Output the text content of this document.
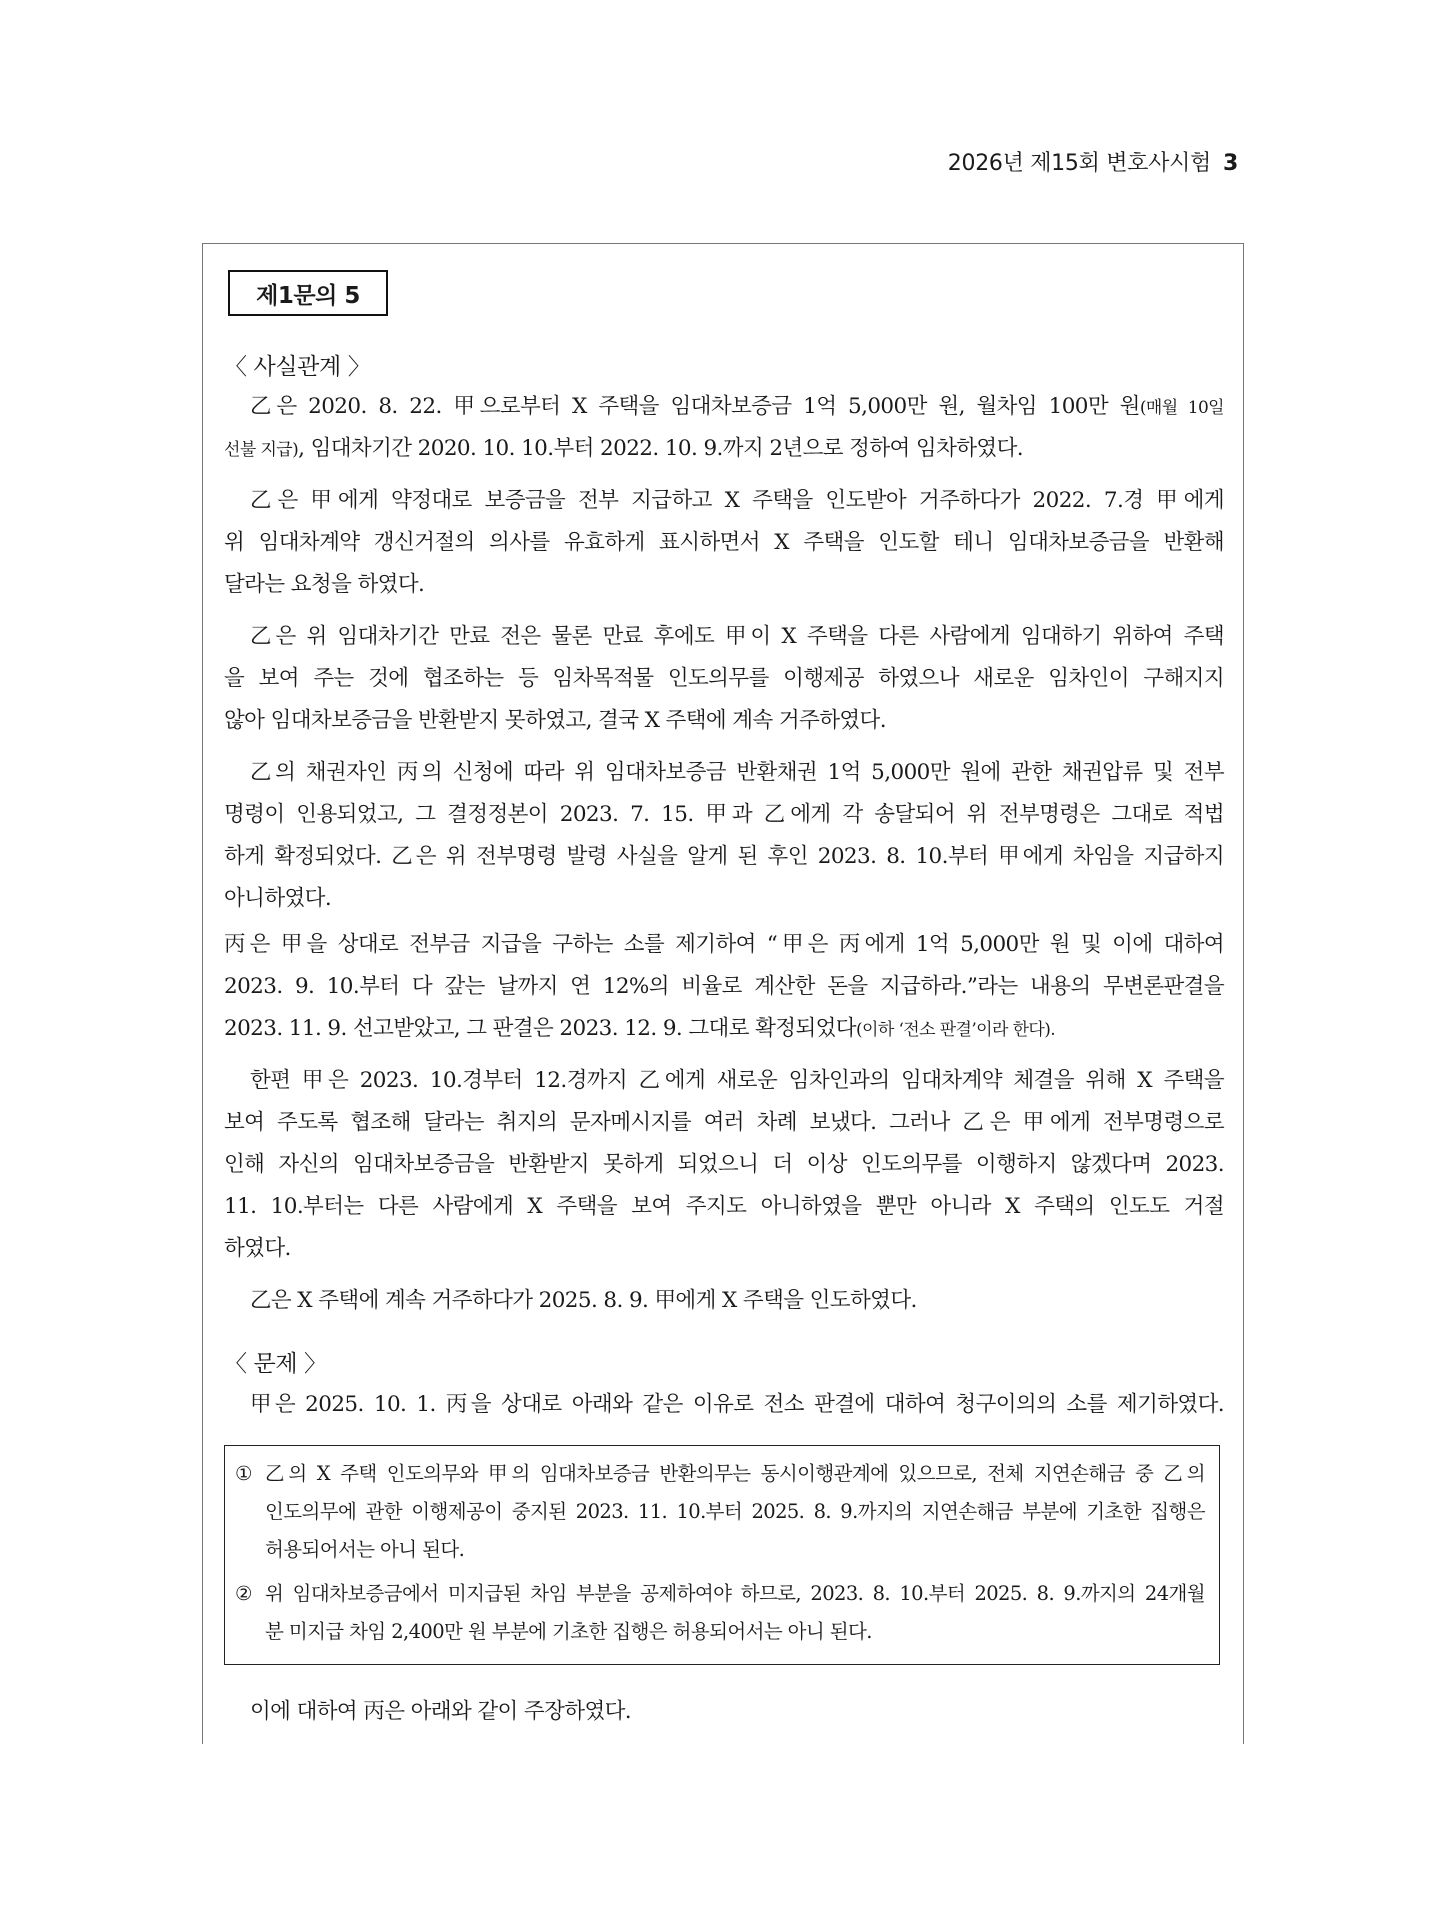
2026년 제15회 변호사시험 3
제1문의 5
〈 사실관계 〉
乙은 2020. 8. 22. 甲으로부터 X 주택을 임대차보증금 1억 5,000만 원, 월차임 100만 원(매월 10일
선불 지급), 임대차기간 2020. 10. 10.부터 2022. 10. 9.까지 2년으로 정하여 임차하였다.
乙은 甲에게 약정대로 보증금을 전부 지급하고 X 주택을 인도받아 거주하다가 2022. 7.경 甲에게
위 임대차계약 갱신거절의 의사를 유효하게 표시하면서 X 주택을 인도할 테니 임대차보증금을 반환해
달라는 요청을 하였다.
乙은 위 임대차기간 만료 전은 물론 만료 후에도 甲이 X 주택을 다른 사람에게 임대하기 위하여 주택
을 보여 주는 것에 협조하는 등 임차목적물 인도의무를 이행제공 하였으나 새로운 임차인이 구해지지
않아 임대차보증금을 반환받지 못하였고, 결국 X 주택에 계속 거주하였다.
乙의 채권자인 丙의 신청에 따라 위 임대차보증금 반환채권 1억 5,000만 원에 관한 채권압류 및 전부
명령이 인용되었고, 그 결정정본이 2023. 7. 15. 甲과 乙에게 각 송달되어 위 전부명령은 그대로 적법
하게 확정되었다. 乙은 위 전부명령 발령 사실을 알게 된 후인 2023. 8. 10.부터 甲에게 차임을 지급하지
아니하였다.
丙은 甲을 상대로 전부금 지급을 구하는 소를 제기하여 “甲은 丙에게 1억 5,000만 원 및 이에 대하여
2023. 9. 10.부터 다 갚는 날까지 연 12%의 비율로 계산한 돈을 지급하라.”라는 내용의 무변론판결을
2023. 11. 9. 선고받았고, 그 판결은 2023. 12. 9. 그대로 확정되었다(이하 ‘전소 판결’이라 한다).
한편 甲은 2023. 10.경부터 12.경까지 乙에게 새로운 임차인과의 임대차계약 체결을 위해 X 주택을
보여 주도록 협조해 달라는 취지의 문자메시지를 여러 차례 보냈다. 그러나 乙은 甲에게 전부명령으로
인해 자신의 임대차보증금을 반환받지 못하게 되었으니 더 이상 인도의무를 이행하지 않겠다며 2023.
11. 10.부터는 다른 사람에게 X 주택을 보여 주지도 아니하였을 뿐만 아니라 X 주택의 인도도 거절
하였다.
乙은 X 주택에 계속 거주하다가 2025. 8. 9. 甲에게 X 주택을 인도하였다.
〈 문제 〉
甲은 2025. 10. 1. 丙을 상대로 아래와 같은 이유로 전소 판결에 대하여 청구이의의 소를 제기하였다.
① 乙의 X 주택 인도의무와 甲의 임대차보증금 반환의무는 동시이행관계에 있으므로, 전체 지연손해금 중 乙의
인도의무에 관한 이행제공이 중지된 2023. 11. 10.부터 2025. 8. 9.까지의 지연손해금 부분에 기초한 집행은
허용되어서는 아니 된다.
② 위 임대차보증금에서 미지급된 차임 부분을 공제하여야 하므로, 2023. 8. 10.부터 2025. 8. 9.까지의 24개월
분 미지급 차임 2,400만 원 부분에 기초한 집행은 허용되어서는 아니 된다.
이에 대하여 丙은 아래와 같이 주장하였다.
